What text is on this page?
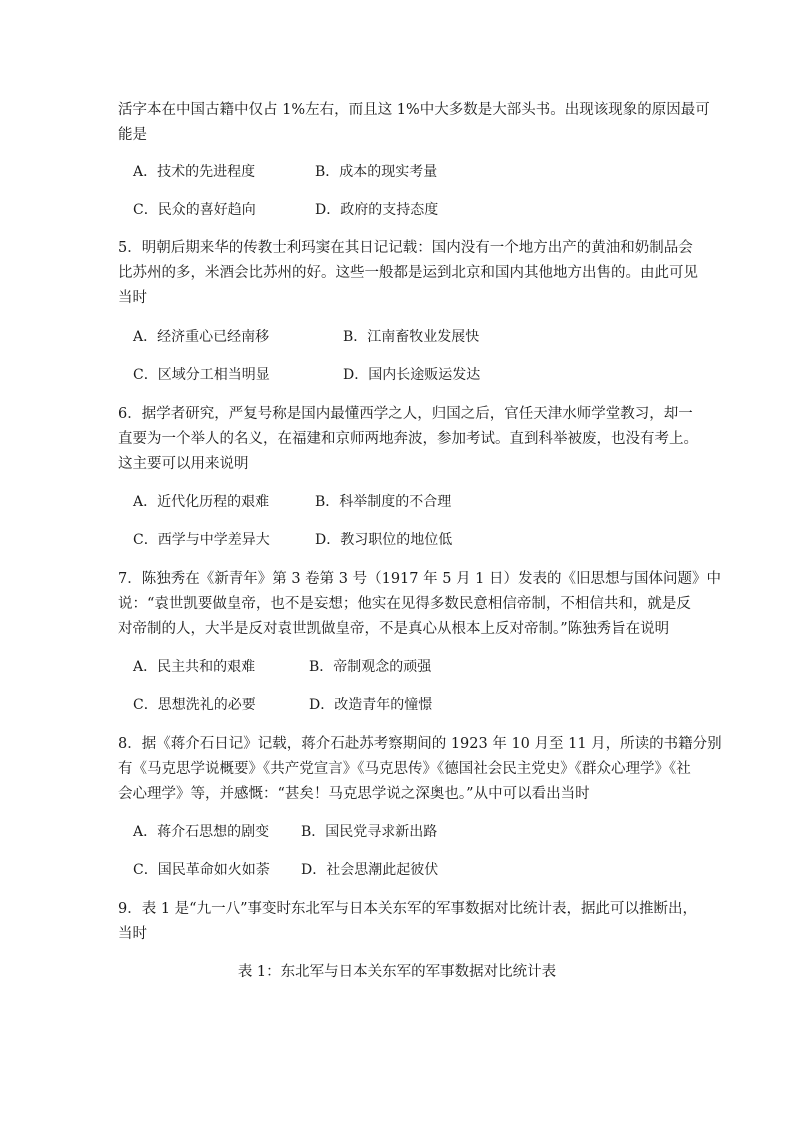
活字本在中国古籍中仅占 1%左右，而且这 1%中大多数是大部头书。出现该现象的原因最可
能是
A．技术的先进程度	B．成本的现实考量
C．民众的喜好趋向	D．政府的支持态度
5．明朝后期来华的传教士利玛窦在其日记记载：国内没有一个地方出产的黄油和奶制品会
比苏州的多，米酒会比苏州的好。这些一般都是运到北京和国内其他地方出售的。由此可见
当时
A．经济重心已经南移	B．江南畜牧业发展快
C．区域分工相当明显	D．国内长途贩运发达
6．据学者研究，严复号称是国内最懂西学之人，归国之后，官任天津水师学堂教习，却一
直要为一个举人的名义，在福建和京师两地奔波，参加考试。直到科举被废，也没有考上。
这主要可以用来说明
A．近代化历程的艰难	B．科举制度的不合理
C．西学与中学差异大	D．教习职位的地位低
7．陈独秀在《新青年》第 3 卷第 3 号（1917 年 5 月 1 日）发表的《旧思想与国体问题》中
说：“袁世凯要做皇帝，也不是妄想；他实在见得多数民意相信帝制，不相信共和，就是反
对帝制的人，大半是反对袁世凯做皇帝，不是真心从根本上反对帝制。”陈独秀旨在说明
A．民主共和的艰难	B．帝制观念的顽强
C．思想洗礼的必要	D．改造青年的憧憬
8．据《蒋介石日记》记载，蒋介石赴苏考察期间的 1923 年 10 月至 11 月，所读的书籍分别
有《马克思学说概要》《共产党宣言》《马克思传》《德国社会民主党史》《群众心理学》《社
会心理学》等，并感慨：“甚矣！马克思学说之深奥也。”从中可以看出当时
A．蒋介石思想的剧变 B．国民党寻求新出路
C．国民革命如火如荼 D．社会思潮此起彼伏
9．表 1 是“九一八”事变时东北军与日本关东军的军事数据对比统计表，据此可以推断出，
当时
表 1：东北军与日本关东军的军事数据对比统计表
